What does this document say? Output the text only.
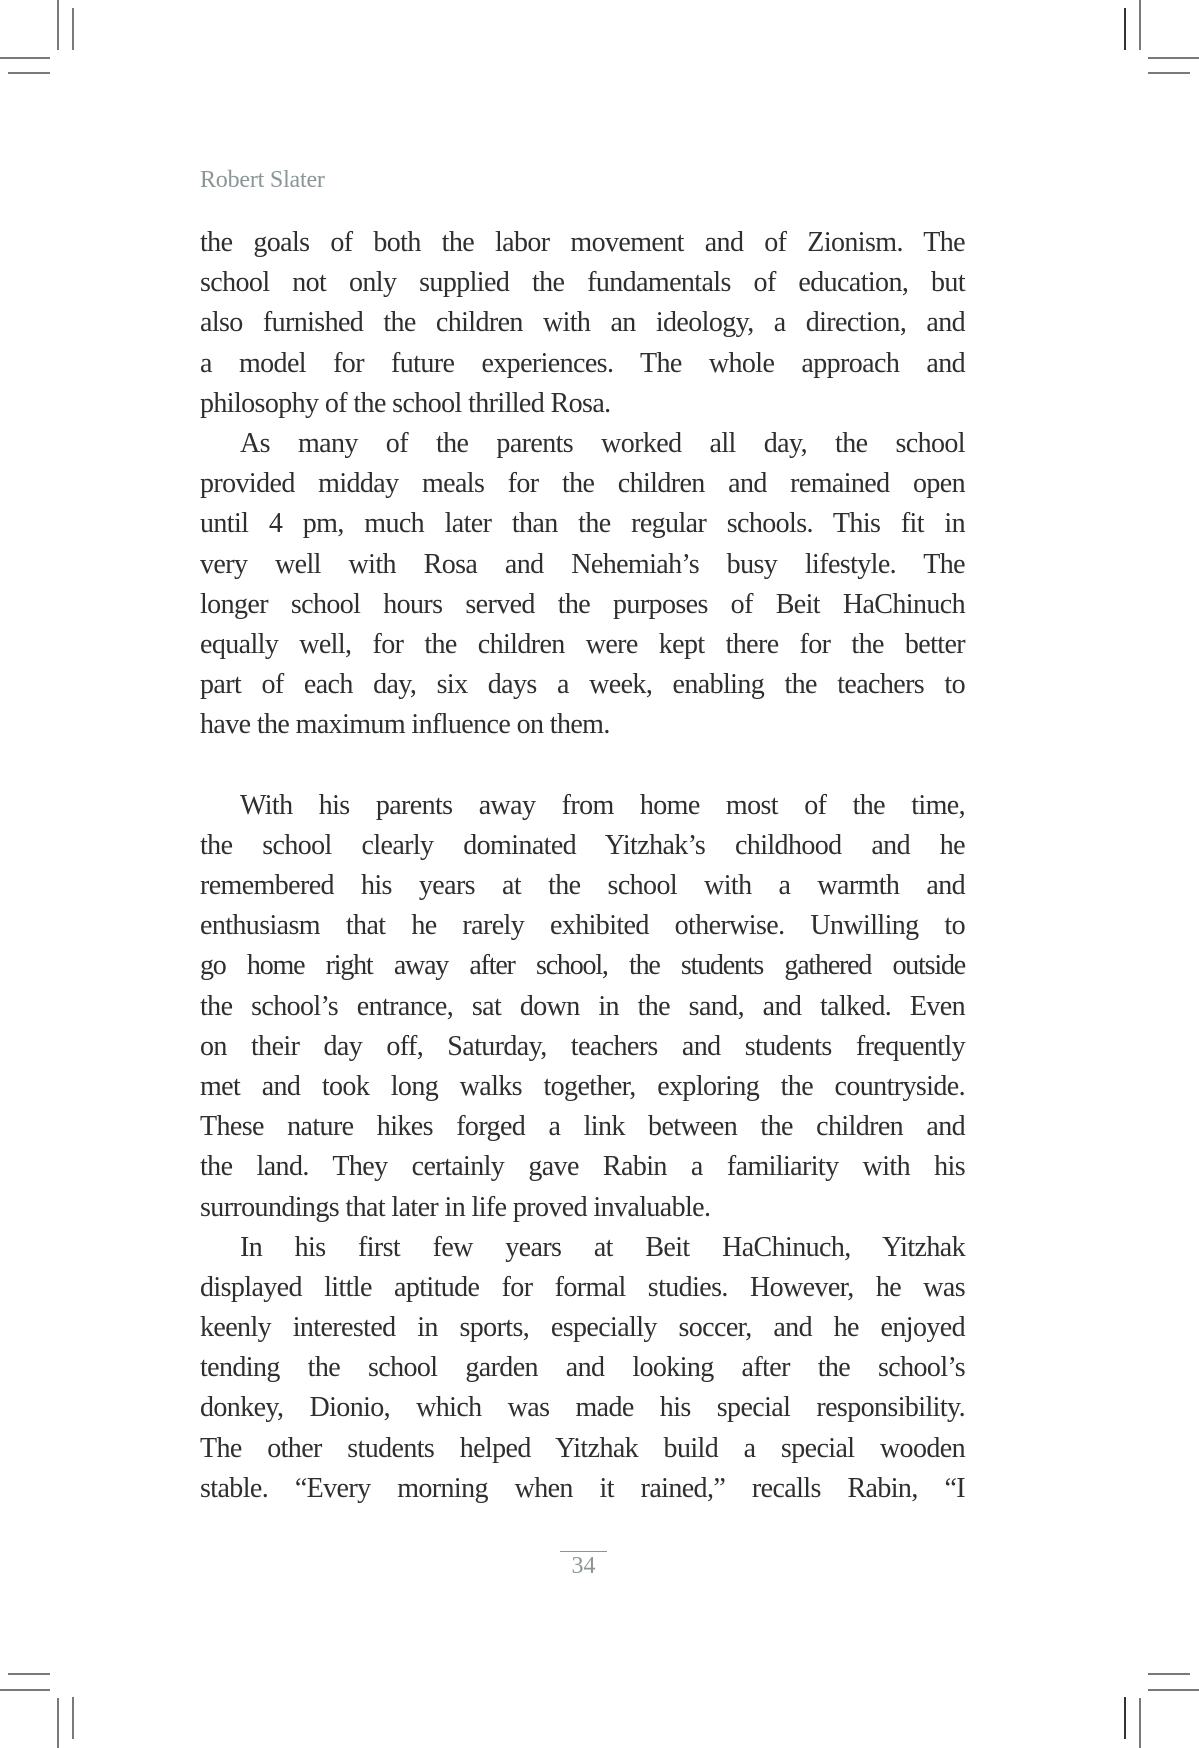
Robert Slater
the goals of both the labor movement and of Zionism. The
school not only supplied the fundamentals of education, but
also furnished the children with an ideology, a direction, and
a model for future experiences. The whole approach and
philosophy of the school thrilled Rosa.
As many of the parents worked all day, the school
provided midday meals for the children and remained open
until 4 pm, much later than the regular schools. This fit in
very well with Rosa and Nehemiah’s busy lifestyle. The
longer school hours served the purposes of Beit HaChinuch
equally well, for the children were kept there for the better
part of each day, six days a week, enabling the teachers to
have the maximum influence on them.
With his parents away from home most of the time,
the school clearly dominated Yitzhak’s childhood and he
remembered his years at the school with a warmth and
enthusiasm that he rarely exhibited otherwise. Unwilling to
go home right away after school, the students gathered outside
the school’s entrance, sat down in the sand, and talked. Even
on their day off, Saturday, teachers and students frequently
met and took long walks together, exploring the countryside.
These nature hikes forged a link between the children and
the land. They certainly gave Rabin a familiarity with his
surroundings that later in life proved invaluable.
In his first few years at Beit HaChinuch, Yitzhak
displayed little aptitude for formal studies. However, he was
keenly interested in sports, especially soccer, and he enjoyed
tending the school garden and looking after the school’s
donkey, Dionio, which was made his special responsibility.
The other students helped Yitzhak build a special wooden
stable. “Every morning when it rained,” recalls Rabin, “I
34
